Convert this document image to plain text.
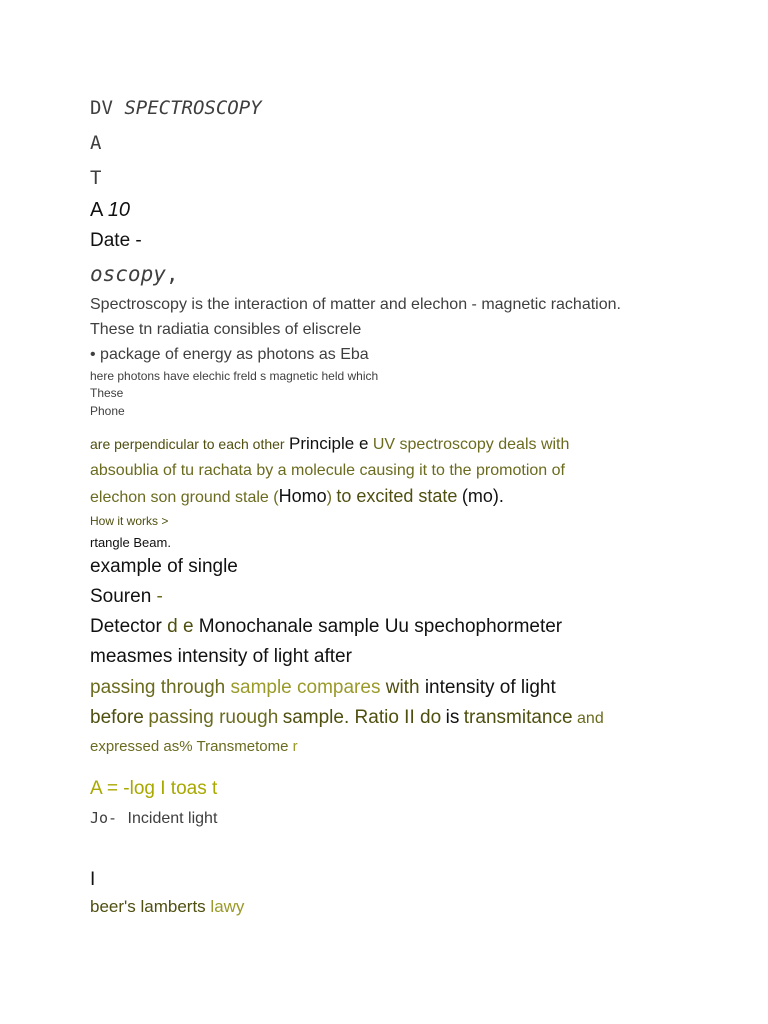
DV SPECTROSCOPY
A
T
A 10
Date -
oscopy,
Spectroscopy is the interaction of matter and elechon - magnetic rachation.
These tn radiatia consibles of eliscrele
• package of energy as photons as Eba
here photons have elechic freld s magnetic held which
These
Phone
are perpendicular to each other Principle e UV spectroscopy deals with
absoublia of tu rachata by a molecule causing it to the promotion of
elechon son ground stale (Homo) to excited state (mo).
How it works >
rtangle Beam.
example of single
Souren -
Detector d e Monochanale sample Uu spechophormeter
measmes intensity of light after
passing through sample compares with intensity of light
before passing ruough sample. Ratio II do is transmitance and
expressed as% Transmetome r
A = -log I toas t
Jo- Incident light
I
beer's lamberts lawy
